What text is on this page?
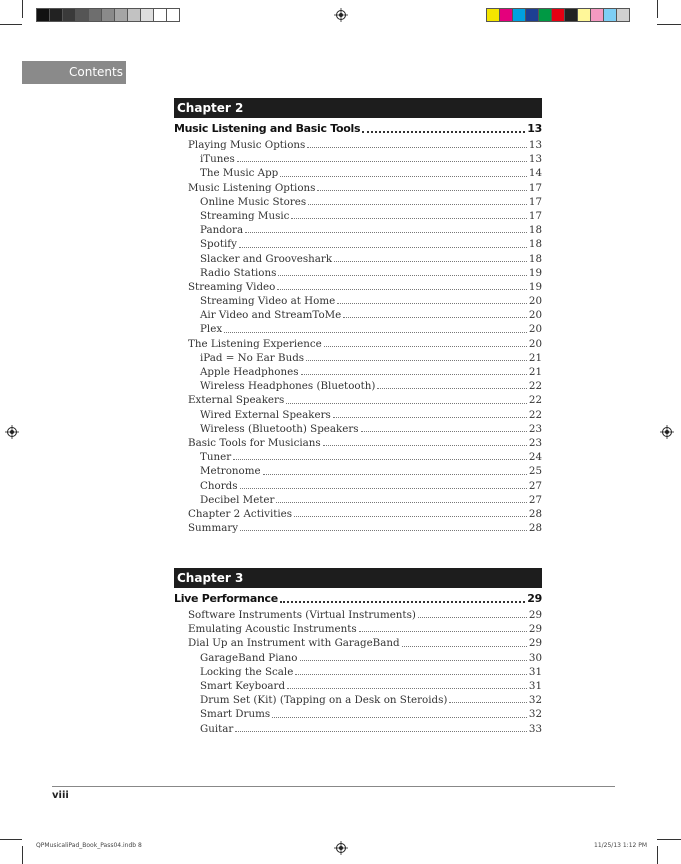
Contents
Chapter 2
Music Listening and Basic Tools	13
Playing Music Options	13
iTunes	13
The Music App	14
Music Listening Options	17
Online Music Stores	17
Streaming Music	17
Pandora	18
Spotify	18
Slacker and Grooveshark	18
Radio Stations	19
Streaming Video	19
Streaming Video at Home	20
Air Video and StreamToMe	20
Plex	20
The Listening Experience	20
iPad = No Ear Buds	21
Apple Headphones	21
Wireless Headphones (Bluetooth)	22
External Speakers	22
Wired External Speakers	22
Wireless (Bluetooth) Speakers	23
Basic Tools for Musicians	23
Tuner	24
Metronome	25
Chords	27
Decibel Meter	27
Chapter 2 Activities	28
Summary	28
Chapter 3
Live Performance	29
Software Instruments (Virtual Instruments)	29
Emulating Acoustic Instruments	29
Dial Up an Instrument with GarageBand	29
GarageBand Piano	30
Locking the Scale	31
Smart Keyboard	31
Drum Set (Kit) (Tapping on a Desk on Steroids)	32
Smart Drums	32
Guitar	33
viii
QPMusicaliPad_Book_Pass04.indb 8	11/25/13 1:12 PM
